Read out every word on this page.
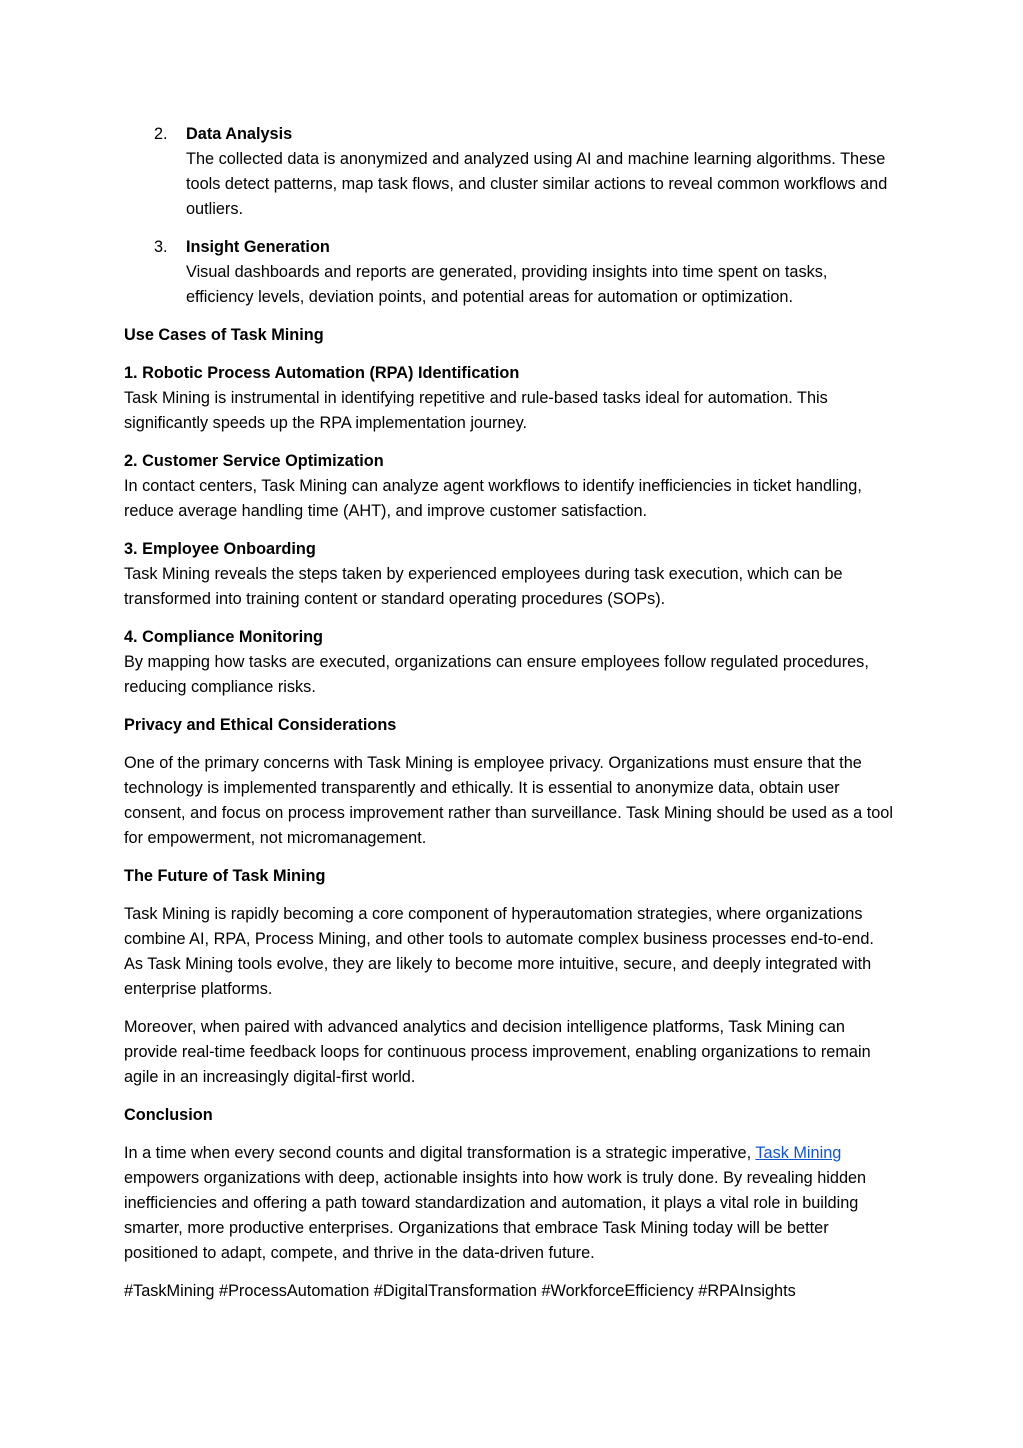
2. Data Analysis

The collected data is anonymized and analyzed using AI and machine learning algorithms. These tools detect patterns, map task flows, and cluster similar actions to reveal common workflows and outliers.

3. Insight Generation

Visual dashboards and reports are generated, providing insights into time spent on tasks, efficiency levels, deviation points, and potential areas for automation or optimization.

Use Cases of Task Mining

1. Robotic Process Automation (RPA) Identification

Task Mining is instrumental in identifying repetitive and rule-based tasks ideal for automation. This significantly speeds up the RPA implementation journey.

2. Customer Service Optimization

In contact centers, Task Mining can analyze agent workflows to identify inefficiencies in ticket handling, reduce average handling time (AHT), and improve customer satisfaction.

3. Employee Onboarding

Task Mining reveals the steps taken by experienced employees during task execution, which can be transformed into training content or standard operating procedures (SOPs).

4. Compliance Monitoring

By mapping how tasks are executed, organizations can ensure employees follow regulated procedures, reducing compliance risks.

Privacy and Ethical Considerations

One of the primary concerns with Task Mining is employee privacy. Organizations must ensure that the technology is implemented transparently and ethically. It is essential to anonymize data, obtain user consent, and focus on process improvement rather than surveillance. Task Mining should be used as a tool for empowerment, not micromanagement.

The Future of Task Mining

Task Mining is rapidly becoming a core component of hyperautomation strategies, where organizations combine AI, RPA, Process Mining, and other tools to automate complex business processes end-to-end. As Task Mining tools evolve, they are likely to become more intuitive, secure, and deeply integrated with enterprise platforms.

Moreover, when paired with advanced analytics and decision intelligence platforms, Task Mining can provide real-time feedback loops for continuous process improvement, enabling organizations to remain agile in an increasingly digital-first world.

Conclusion

In a time when every second counts and digital transformation is a strategic imperative, Task Mining empowers organizations with deep, actionable insights into how work is truly done. By revealing hidden inefficiencies and offering a path toward standardization and automation, it plays a vital role in building smarter, more productive enterprises. Organizations that embrace Task Mining today will be better positioned to adapt, compete, and thrive in the data-driven future.

#TaskMining #ProcessAutomation #DigitalTransformation #WorkforceEfficiency #RPAInsights
